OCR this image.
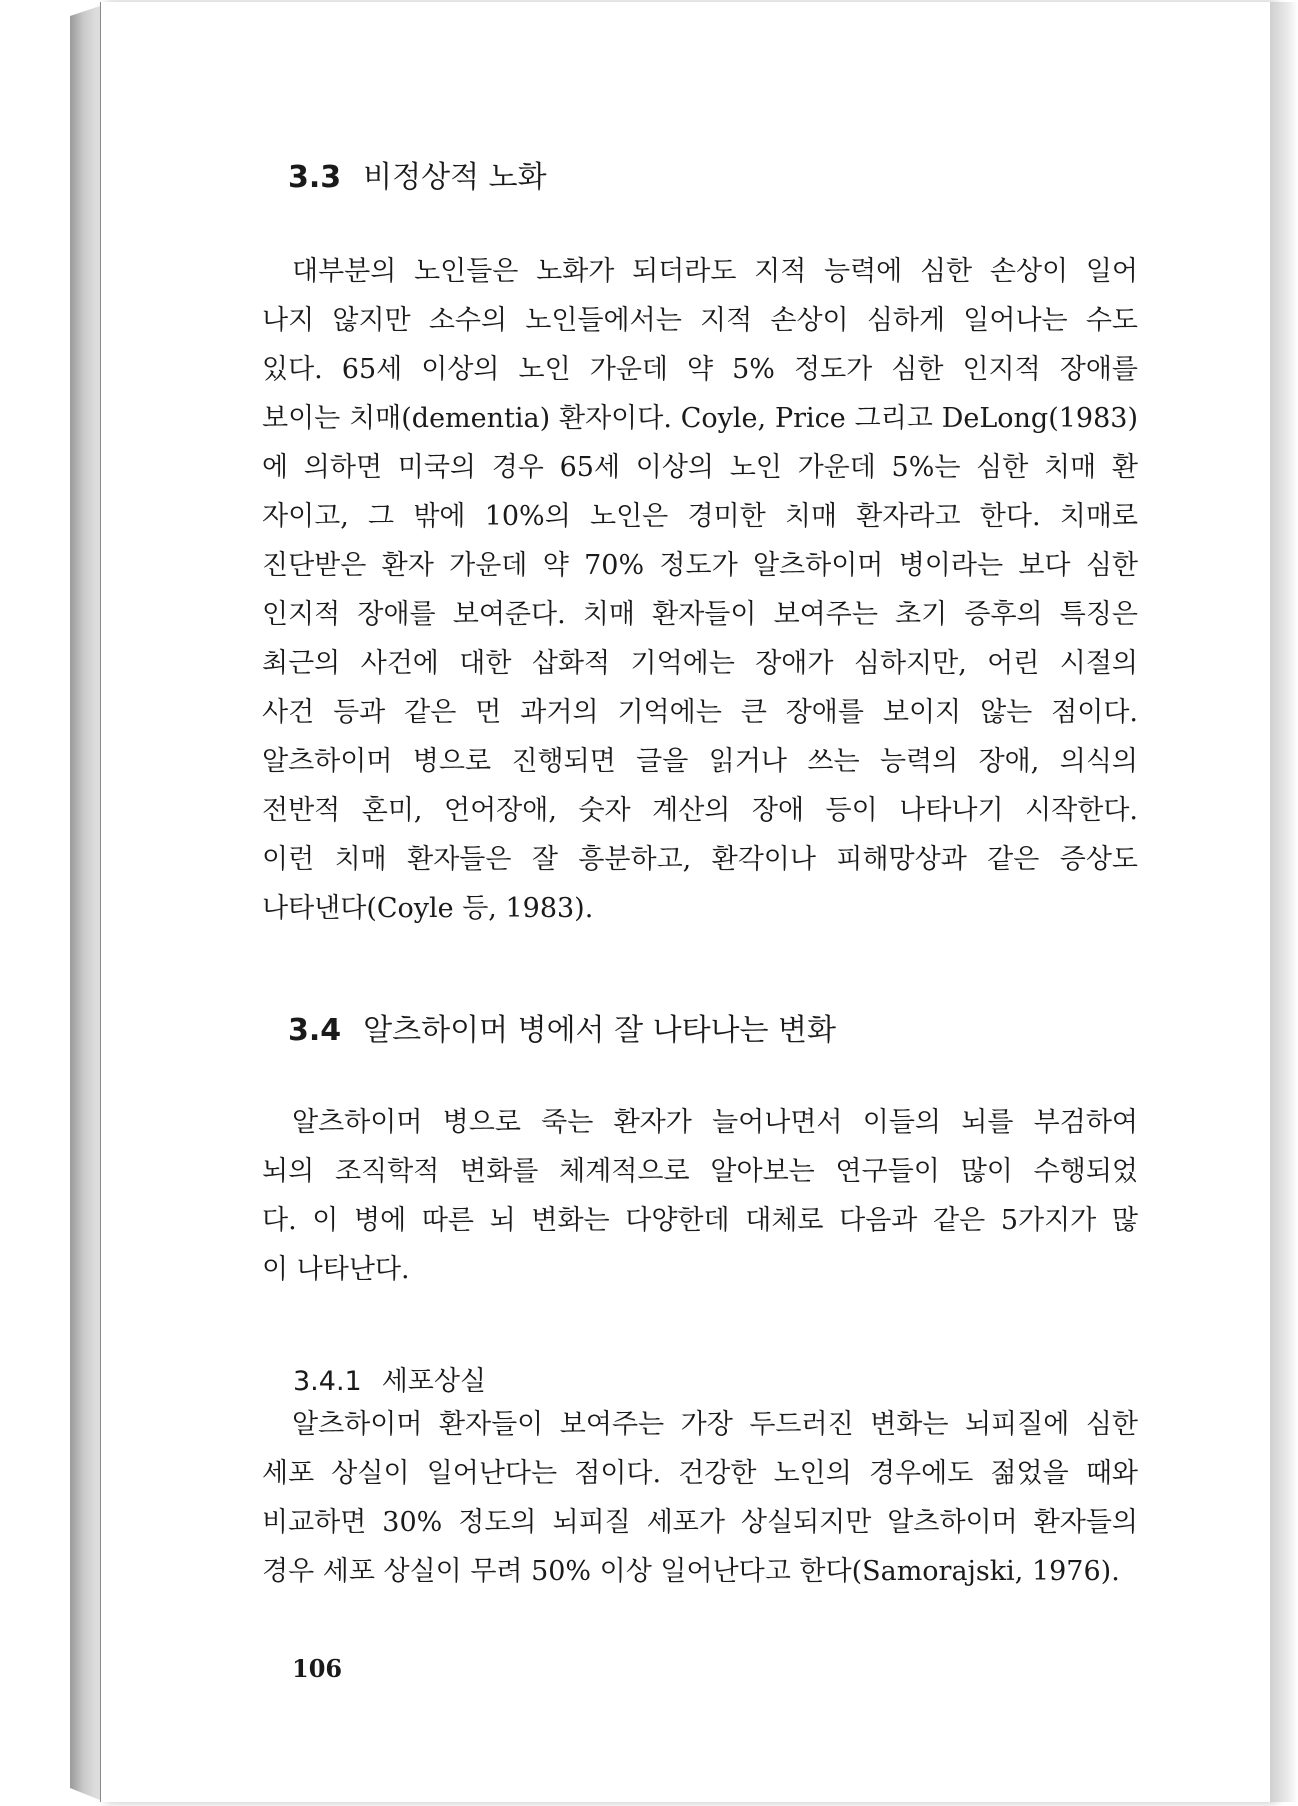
3.3 비정상적 노화
대부분의 노인들은 노화가 되더라도 지적 능력에 심한 손상이 일어
나지 않지만 소수의 노인들에서는 지적 손상이 심하게 일어나는 수도
있다. 65세 이상의 노인 가운데 약 5% 정도가 심한 인지적 장애를
보이는 치매(dementia) 환자이다. Coyle, Price 그리고 DeLong(1983)
에 의하면 미국의 경우 65세 이상의 노인 가운데 5%는 심한 치매 환
자이고, 그 밖에 10%의 노인은 경미한 치매 환자라고 한다. 치매로
진단받은 환자 가운데 약 70% 정도가 알츠하이머 병이라는 보다 심한
인지적 장애를 보여준다. 치매 환자들이 보여주는 초기 증후의 특징은
최근의 사건에 대한 삽화적 기억에는 장애가 심하지만, 어린 시절의
사건 등과 같은 먼 과거의 기억에는 큰 장애를 보이지 않는 점이다.
알츠하이머 병으로 진행되면 글을 읽거나 쓰는 능력의 장애, 의식의
전반적 혼미, 언어장애, 숫자 계산의 장애 등이 나타나기 시작한다.
이런 치매 환자들은 잘 흥분하고, 환각이나 피해망상과 같은 증상도
나타낸다(Coyle 등, 1983).
3.4 알츠하이머 병에서 잘 나타나는 변화
알츠하이머 병으로 죽는 환자가 늘어나면서 이들의 뇌를 부검하여
뇌의 조직학적 변화를 체계적으로 알아보는 연구들이 많이 수행되었
다. 이 병에 따른 뇌 변화는 다양한데 대체로 다음과 같은 5가지가 많
이 나타난다.
3.4.1 세포상실
알츠하이머 환자들이 보여주는 가장 두드러진 변화는 뇌피질에 심한
세포 상실이 일어난다는 점이다. 건강한 노인의 경우에도 젊었을 때와
비교하면 30% 정도의 뇌피질 세포가 상실되지만 알츠하이머 환자들의
경우 세포 상실이 무려 50% 이상 일어난다고 한다(Samorajski, 1976).
106
